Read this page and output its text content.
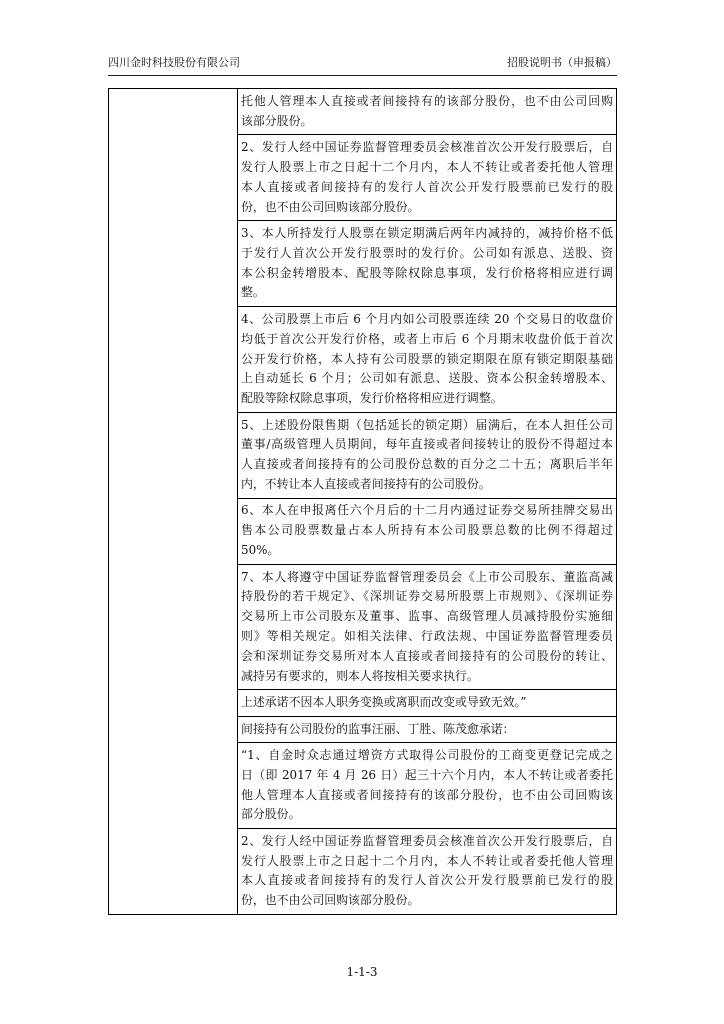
四川金时科技股份有限公司	招股说明书（申报稿）
托他人管理本人直接或者间接持有的该部分股份，也不由公司回购
该部分股份。
2、发行人经中国证券监督管理委员会核准首次公开发行股票后，自
发行人股票上市之日起十二个月内，本人不转让或者委托他人管理
本人直接或者间接持有的发行人首次公开发行股票前已发行的股
份，也不由公司回购该部分股份。
3、本人所持发行人股票在锁定期满后两年内减持的，减持价格不低
于发行人首次公开发行股票时的发行价。公司如有派息、送股、资
本公积金转增股本、配股等除权除息事项，发行价格将相应进行调
整。
4、公司股票上市后 6 个月内如公司股票连续 20 个交易日的收盘价
均低于首次公开发行价格，或者上市后 6 个月期末收盘价低于首次
公开发行价格，本人持有公司股票的锁定期限在原有锁定期限基础
上自动延长 6 个月；公司如有派息、送股、资本公积金转增股本、
配股等除权除息事项，发行价格将相应进行调整。
5、上述股份限售期（包括延长的锁定期）届满后，在本人担任公司
董事/高级管理人员期间，每年直接或者间接转让的股份不得超过本
人直接或者间接持有的公司股份总数的百分之二十五；离职后半年
内，不转让本人直接或者间接持有的公司股份。
6、本人在申报离任六个月后的十二月内通过证券交易所挂牌交易出
售本公司股票数量占本人所持有本公司股票总数的比例不得超过
50%。
7、本人将遵守中国证券监督管理委员会《上市公司股东、董监高减
持股份的若干规定》、《深圳证券交易所股票上市规则》、《深圳证券
交易所上市公司股东及董事、监事、高级管理人员减持股份实施细
则》等相关规定。如相关法律、行政法规、中国证券监督管理委员
会和深圳证券交易所对本人直接或者间接持有的公司股份的转让、
减持另有要求的，则本人将按相关要求执行。
上述承诺不因本人职务变换或离职而改变或导致无效。”
间接持有公司股份的监事汪丽、丁胜、陈茂愈承诺：
“1、自金时众志通过增资方式取得公司股份的工商变更登记完成之
日（即 2017 年 4 月 26 日）起三十六个月内，本人不转让或者委托
他人管理本人直接或者间接持有的该部分股份，也不由公司回购该
部分股份。
2、发行人经中国证券监督管理委员会核准首次公开发行股票后，自
发行人股票上市之日起十二个月内，本人不转让或者委托他人管理
本人直接或者间接持有的发行人首次公开发行股票前已发行的股
份，也不由公司回购该部分股份。
1-1-3
